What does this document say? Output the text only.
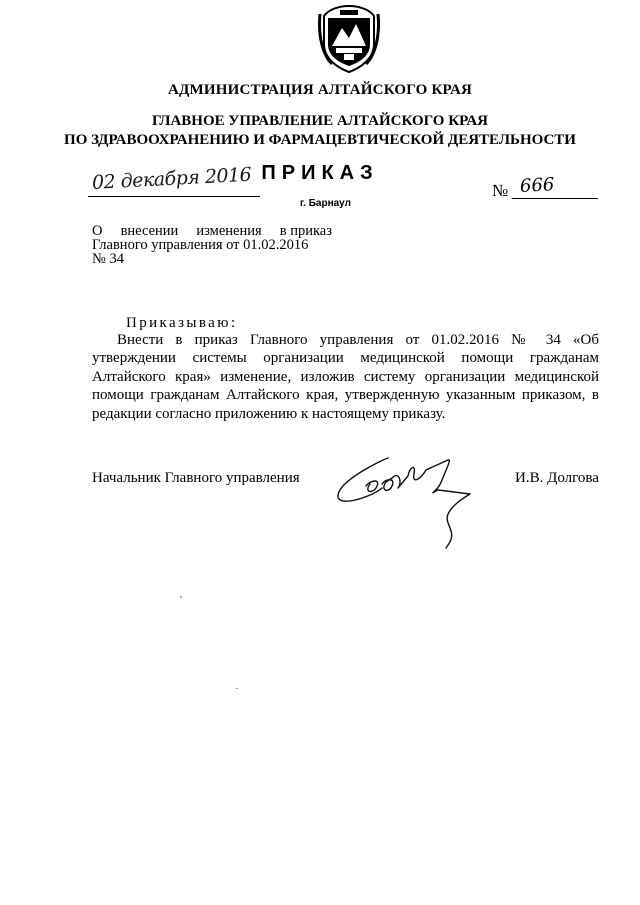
АДМИНИСТРАЦИЯ АЛТАЙСКОГО КРАЯ
ГЛАВНОЕ УПРАВЛЕНИЕ АЛТАЙСКОГО КРАЯ
ПО ЗДРАВООХРАНЕНИЮ И ФАРМАЦЕВТИЧЕСКОЙ ДЕЯТЕЛЬНОСТИ
ПРИКАЗ
02 декабря 2016
г. Барнаул
№ 666
О внесении изменения в приказ
Главного управления от 01.02.2016
№ 34
Приказываю:
Внести в приказ Главного управления от 01.02.2016 № 34 «Об утверждении системы организации медицинской помощи гражданам Алтайского края» изменение, изложив систему организации медицинской помощи гражданам Алтайского края, утвержденную указанным приказом, в редакции согласно приложению к настоящему приказу.
Начальник Главного управления	И.В. Долгова
